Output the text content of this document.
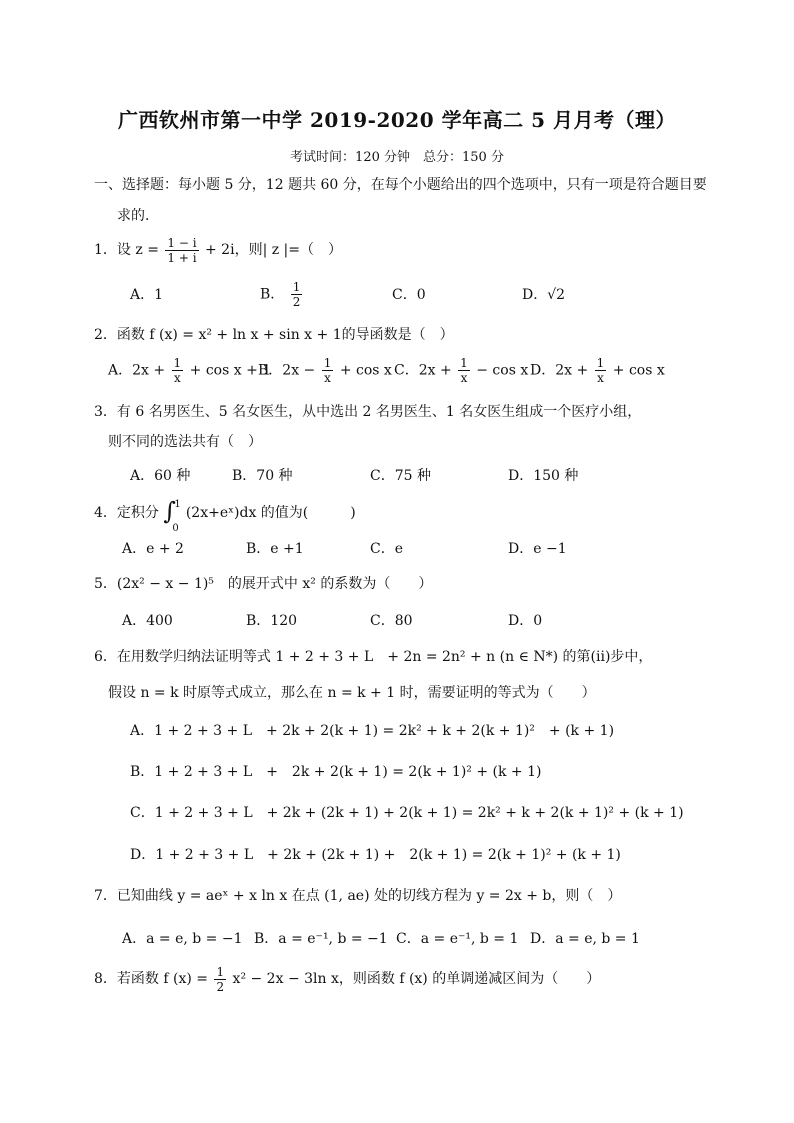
广西钦州市第一中学 2019-2020 学年高二 5 月月考（理）
考试时间：120 分钟　总分：150 分
一、选择题：每小题 5 分，12 题共 60 分，在每个小题给出的四个选项中，只有一项是符合题目要
求的．
1．设 $z = \frac{1 - i}{1 + i} + 2i$，则| z |=（　）
A．1	B． $\frac{1}{2}$	C．0	D．√2
2．函数 f (x) = x² + ln x + sin x + 1的导函数是（　）
A．$2x + \frac{1}{x} + \cos x + 1$
B．$2x - \frac{1}{x} + \cos x$ C．$2x + \frac{1}{x} - \cos x$ D．$2x + \frac{1}{x} + \cos x$
3．有 6 名男医生、5 名女医生，从中选出 2 名男医生、1 名女医生组成一个医疗小组，
则不同的选法共有（　）
A．60 种	B．70 种	C．75 种	D．150 种
4．定积分 ∫
1
0
(2x+eˣ)dx 的值为(　　　)
A．e + 2	B．e +1	C．e	D．e −1
5．(2x² − x − 1)⁵　的展开式中 x² 的系数为（　　）
A．400	B．120	C．80	D．0
6．在用数学归纳法证明等式 1 + 2 + 3 + L　+ 2n = 2n² + n (n ∈ N*) 的第(ii)步中，
假设 n = k 时原等式成立，那么在 n = k + 1 时，需要证明的等式为（　　）
A．1 + 2 + 3 + L　+ 2k + 2(k + 1) = 2k² + k + 2(k + 1)²　+ (k + 1)
B．1 + 2 + 3 + L　+　2k + 2(k + 1) = 2(k + 1)² + (k + 1)
C．1 + 2 + 3 + L　+ 2k + (2k + 1) + 2(k + 1) = 2k² + k + 2(k + 1)² + (k + 1)
D．1 + 2 + 3 + L　+ 2k + (2k + 1) +　2(k + 1) = 2(k + 1)² + (k + 1)
7．已知曲线 y = aeˣ + x ln x 在点 (1, ae) 处的切线方程为 y = 2x + b，则（　）
A．a = e, b = −1 B．a = e⁻¹, b = −1 C．a = e⁻¹, b = 1 D．a = e, b = 1
8．若函数 f $(x) = \frac{1}{2} x^2 - 2x - 3\ln$ x，则函数 f (x) 的单调递减区间为（　　）
